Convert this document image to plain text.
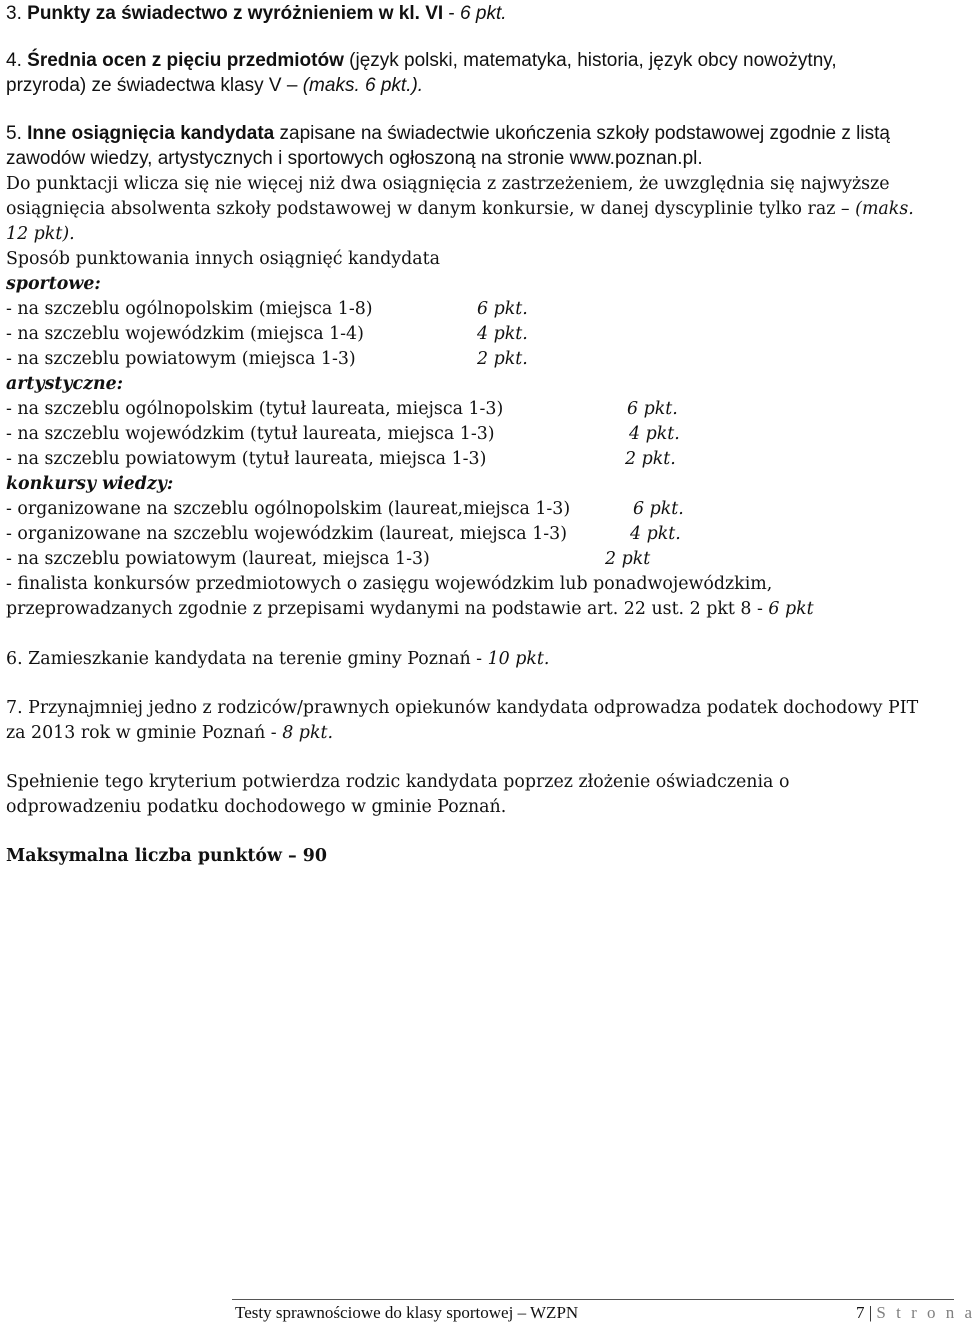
3. Punkty za świadectwo z wyróżnieniem w kl. VI - 6 pkt.
4. Średnia ocen z pięciu przedmiotów (język polski, matematyka, historia, język obcy nowożytny,
przyroda) ze świadectwa klasy V – (maks. 6 pkt.).
5. Inne osiągnięcia kandydata zapisane na świadectwie ukończenia szkoły podstawowej zgodnie z listą
zawodów wiedzy, artystycznych i sportowych ogłoszoną na stronie www.poznan.pl.
Do punktacji wlicza się nie więcej niż dwa osiągnięcia z zastrzeżeniem, że uwzględnia się najwyższe
osiągnięcia absolwenta szkoły podstawowej w danym konkursie, w danej dyscyplinie tylko raz – (maks.
12 pkt).
Sposób punktowania innych osiągnięć kandydata
sportowe:
- na szczeblu ogólnopolskim (miejsca 1-8)	6 pkt.
- na szczeblu wojewódzkim (miejsca 1-4)	4 pkt.
- na szczeblu powiatowym (miejsca 1-3)	2 pkt.
artystyczne:
- na szczeblu ogólnopolskim (tytuł laureata, miejsca 1-3)	6 pkt.
- na szczeblu wojewódzkim (tytuł laureata, miejsca 1-3)	4 pkt.
- na szczeblu powiatowym (tytuł laureata, miejsca 1-3)	2 pkt.
konkursy wiedzy:
- organizowane na szczeblu ogólnopolskim (laureat,miejsca 1-3)	6 pkt.
- organizowane na szczeblu wojewódzkim (laureat, miejsca 1-3)	4 pkt.
- na szczeblu powiatowym (laureat, miejsca 1-3)	2 pkt
- finalista konkursów przedmiotowych o zasięgu wojewódzkim lub ponadwojewódzkim,
przeprowadzanych zgodnie z przepisami wydanymi na podstawie art. 22 ust. 2 pkt 8 - 6 pkt
6. Zamieszkanie kandydata na terenie gminy Poznań - 10 pkt.
7. Przynajmniej jedno z rodziców/prawnych opiekunów kandydata odprowadza podatek dochodowy PIT
za 2013 rok w gminie Poznań - 8 pkt.
Spełnienie tego kryterium potwierdza rodzic kandydata poprzez złożenie oświadczenia o
odprowadzeniu podatku dochodowego w gminie Poznań.
Maksymalna liczba punktów – 90
Testy sprawnościowe do klasy sportowej – WZPN	7 | S t r o n a
